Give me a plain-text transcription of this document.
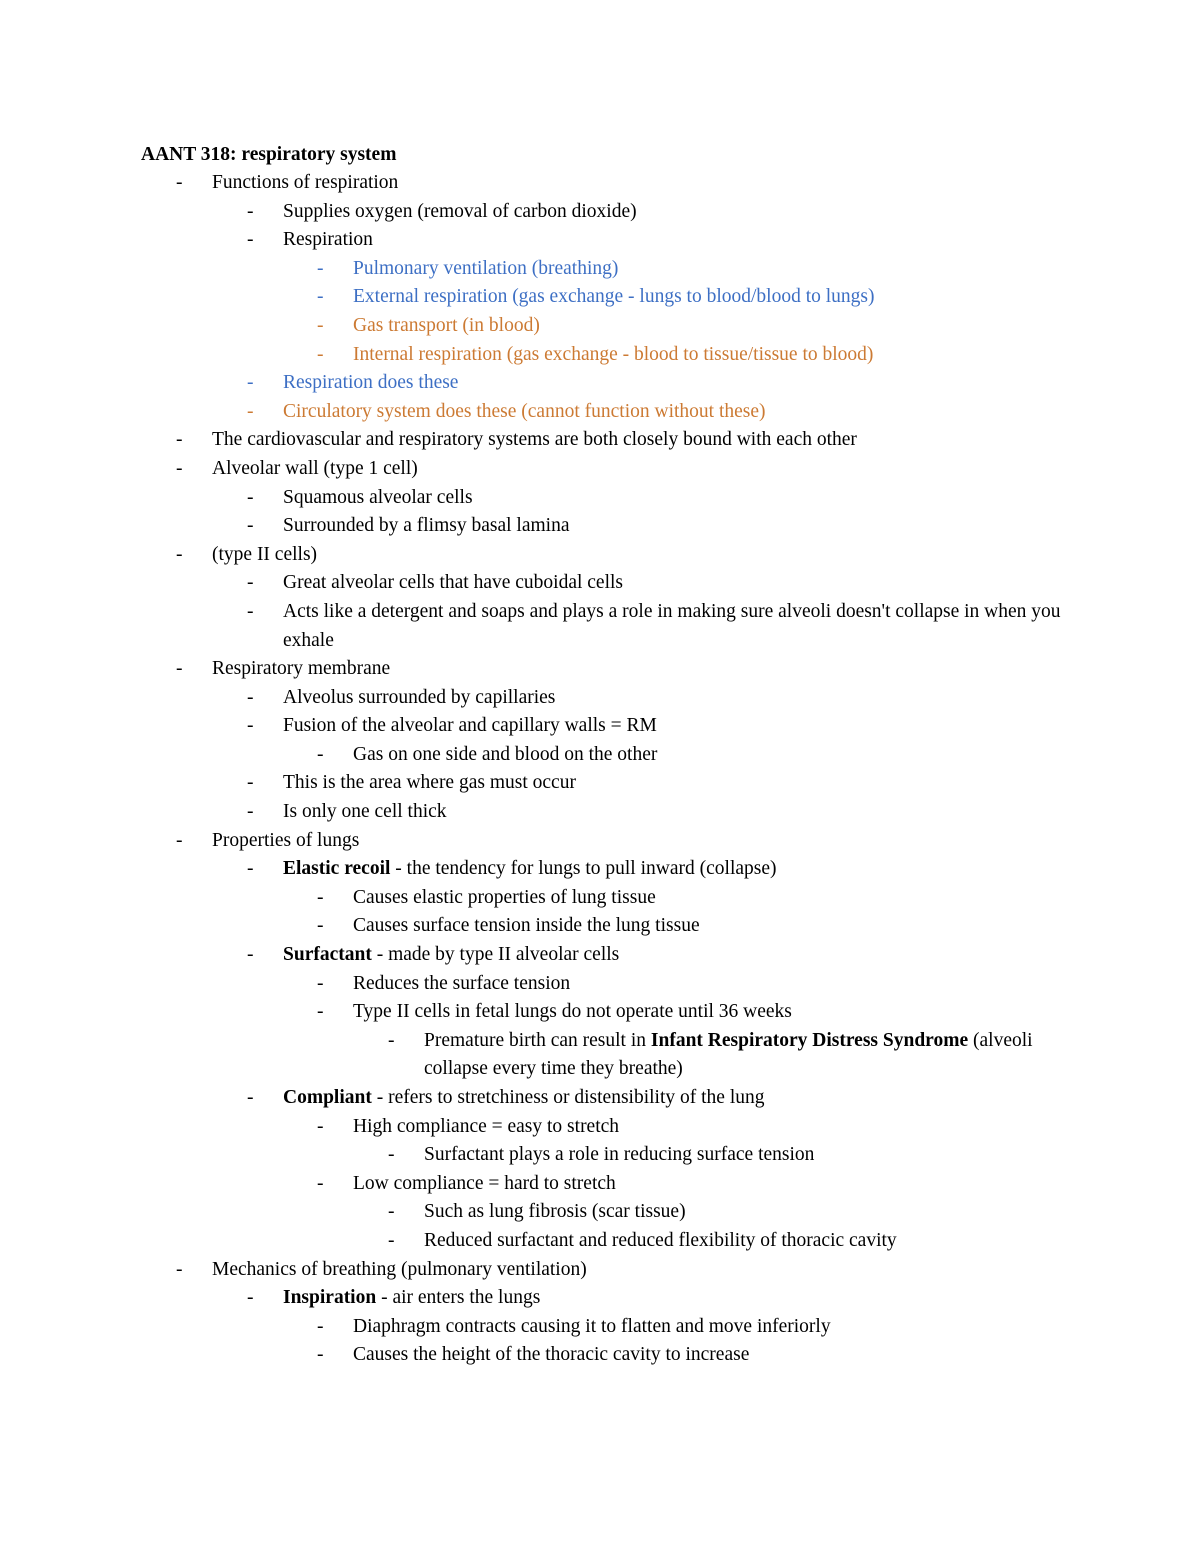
AANT 318: respiratory system
- Functions of respiration
- Supplies oxygen (removal of carbon dioxide)
- Respiration
- Pulmonary ventilation (breathing)
- External respiration (gas exchange - lungs to blood/blood to lungs)
- Gas transport (in blood)
- Internal respiration (gas exchange - blood to tissue/tissue to blood)
- Respiration does these
- Circulatory system does these (cannot function without these)
- The cardiovascular and respiratory systems are both closely bound with each other
- Alveolar wall (type 1 cell)
- Squamous alveolar cells
- Surrounded by a flimsy basal lamina
- (type II cells)
- Great alveolar cells that have cuboidal cells
- Acts like a detergent and soaps and plays a role in making sure alveoli doesn't collapse in when you exhale
- Respiratory membrane
- Alveolus surrounded by capillaries
- Fusion of the alveolar and capillary walls = RM
- Gas on one side and blood on the other
- This is the area where gas must occur
- Is only one cell thick
- Properties of lungs
- Elastic recoil - the tendency for lungs to pull inward (collapse)
- Causes elastic properties of lung tissue
- Causes surface tension inside the lung tissue
- Surfactant - made by type II alveolar cells
- Reduces the surface tension
- Type II cells in fetal lungs do not operate until 36 weeks
- Premature birth can result in Infant Respiratory Distress Syndrome (alveoli collapse every time they breathe)
- Compliant - refers to stretchiness or distensibility of the lung
- High compliance = easy to stretch
- Surfactant plays a role in reducing surface tension
- Low compliance = hard to stretch
- Such as lung fibrosis (scar tissue)
- Reduced surfactant and reduced flexibility of thoracic cavity
- Mechanics of breathing (pulmonary ventilation)
- Inspiration - air enters the lungs
- Diaphragm contracts causing it to flatten and move inferiorly
- Causes the height of the thoracic cavity to increase
